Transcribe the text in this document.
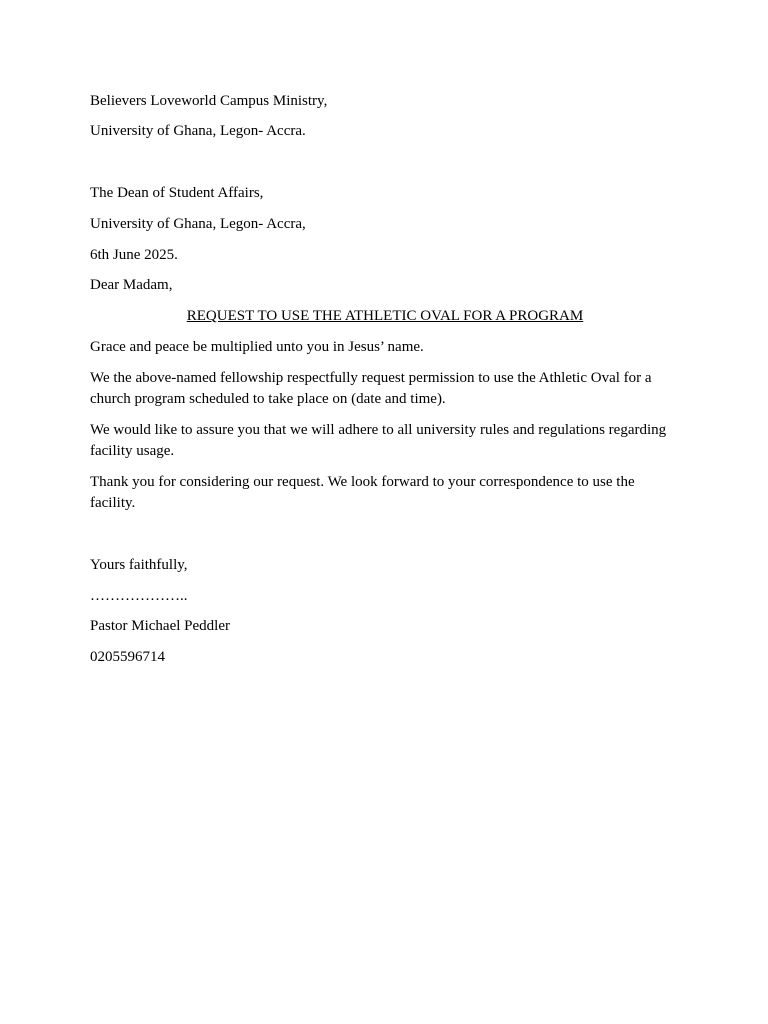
Believers Loveworld Campus Ministry,

University of Ghana, Legon- Accra.

The Dean of Student Affairs,

University of Ghana, Legon- Accra,

6th June 2025.

Dear Madam,

REQUEST TO USE THE ATHLETIC OVAL FOR A PROGRAM

Grace and peace be multiplied unto you in Jesus’ name.

We the above-named fellowship respectfully request permission to use the Athletic Oval for a church program scheduled to take place on (date and time).

We would like to assure you that we will adhere to all university rules and regulations regarding facility usage.

Thank you for considering our request. We look forward to your correspondence to use the facility.

Yours faithfully,

………………..

Pastor Michael Peddler

0205596714
